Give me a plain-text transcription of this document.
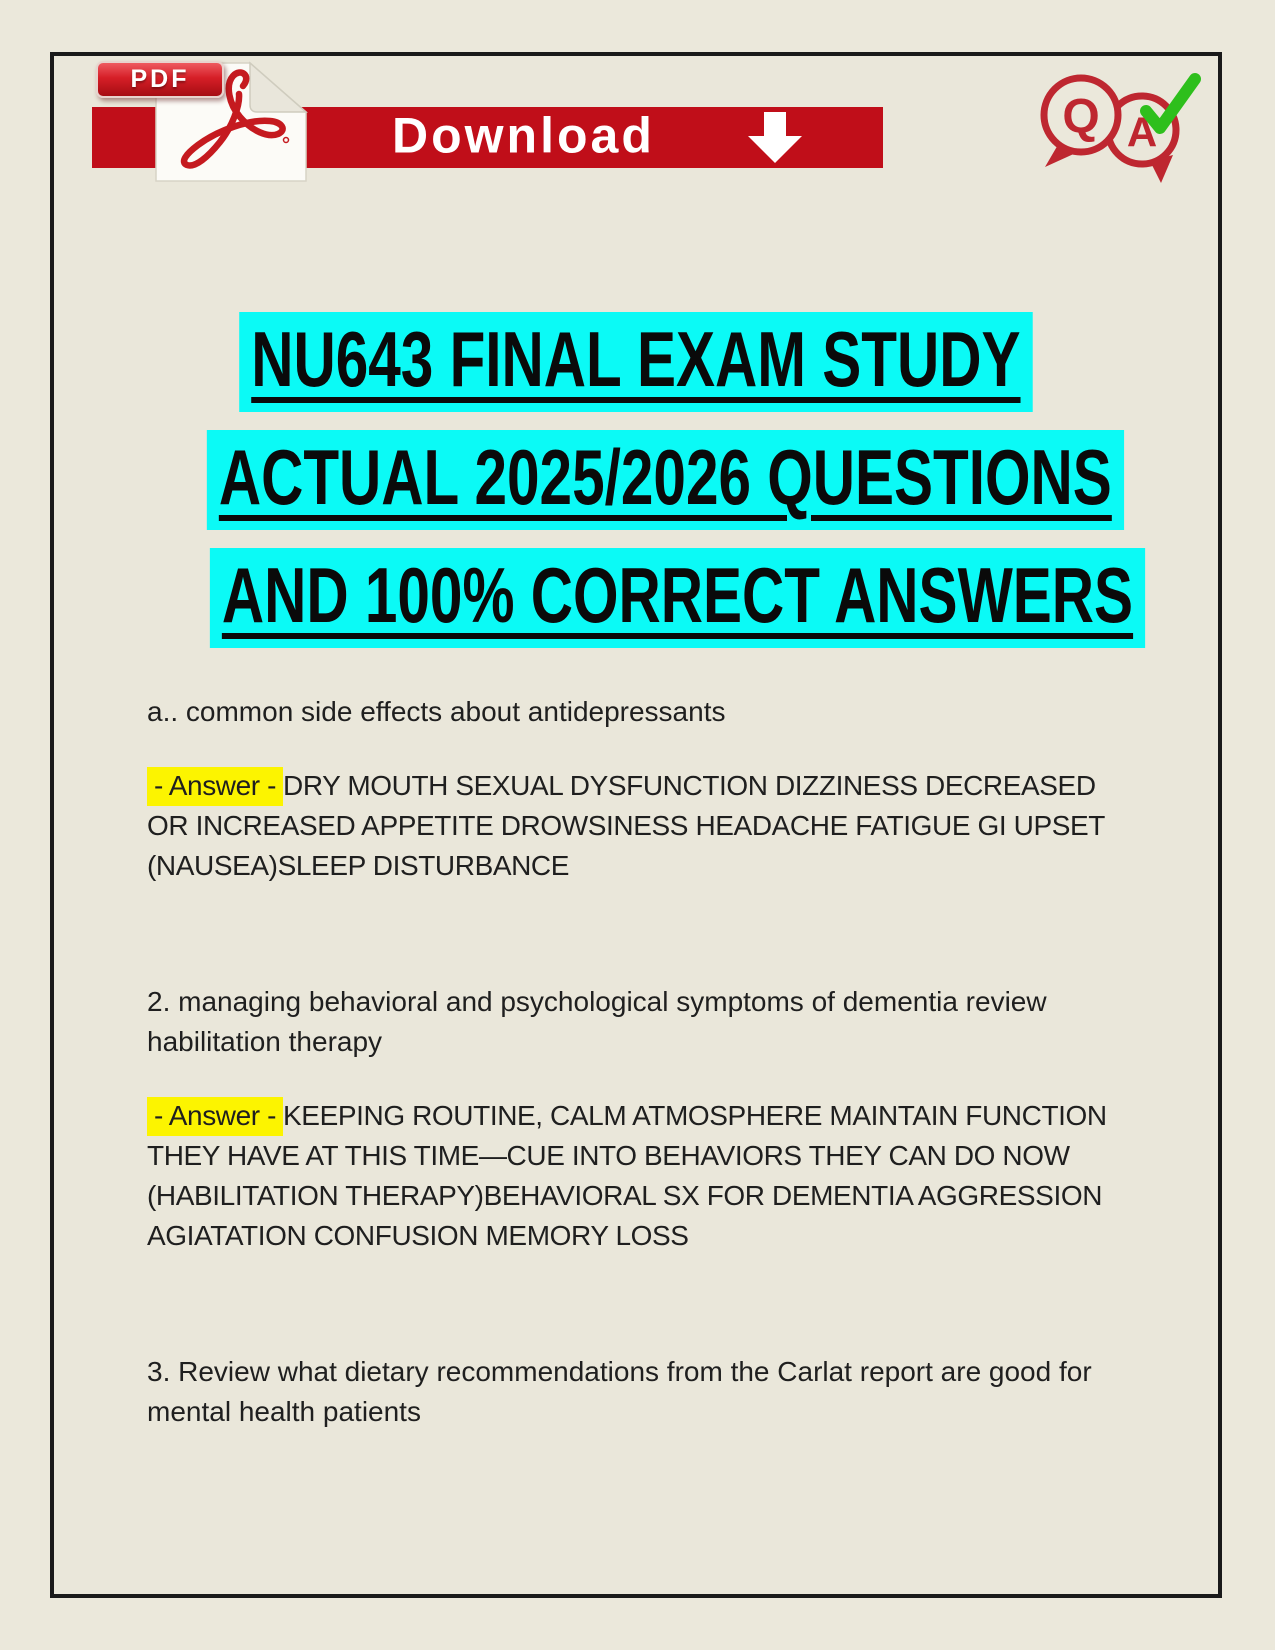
Download
PDF
A
Q
NU643 FINAL EXAM STUDY
ACTUAL 2025/2026 QUESTIONS
AND 100% CORRECT ANSWERS

a.. common side effects about antidepressants

- Answer - DRY MOUTH SEXUAL DYSFUNCTION DIZZINESS DECREASED OR INCREASED APPETITE DROWSINESS HEADACHE FATIGUE GI UPSET (NAUSEA)SLEEP DISTURBANCE

2. managing behavioral and psychological symptoms of dementia review habilitation therapy

- Answer - KEEPING ROUTINE, CALM ATMOSPHERE MAINTAIN FUNCTION THEY HAVE AT THIS TIME—CUE INTO BEHAVIORS THEY CAN DO NOW (HABILITATION THERAPY)BEHAVIORAL SX FOR DEMENTIA AGGRESSION AGIATATION CONFUSION MEMORY LOSS

3. Review what dietary recommendations from the Carlat report are good for mental health patients
